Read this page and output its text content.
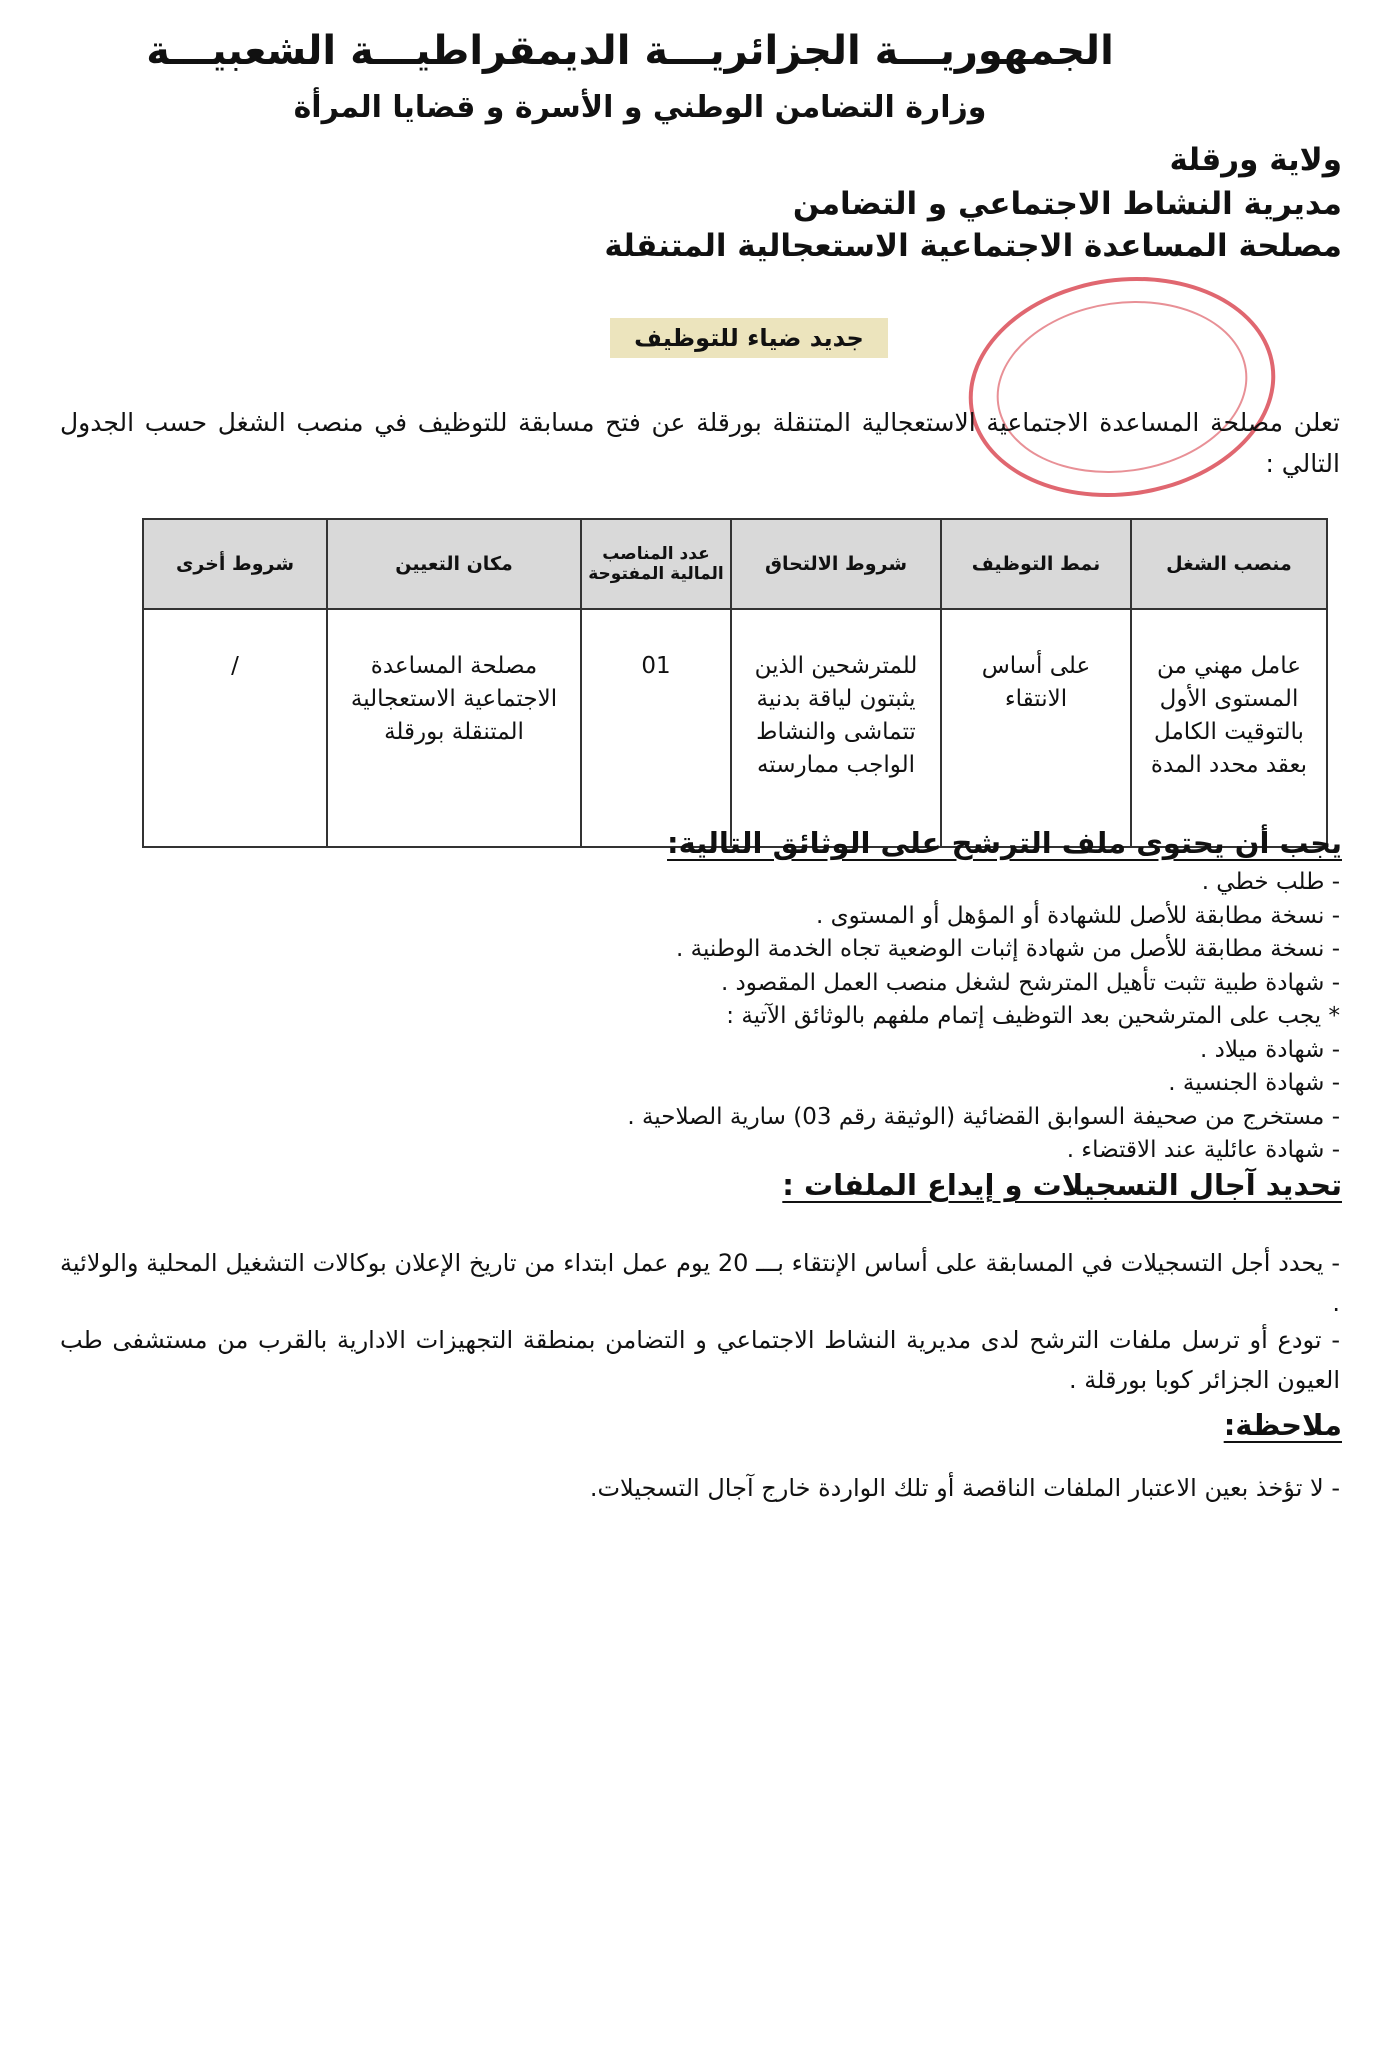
الجمهوريـــة الجزائريـــة الديمقراطيـــة الشعبيـــة
وزارة التضامن الوطني و الأسرة و قضايا المرأة
ولاية ورقلة
مديرية النشاط الاجتماعي و التضامن
مصلحة المساعدة الاجتماعية الاستعجالية المتنقلة
جديد ضياء للتوظيف
تعلن مصلحة المساعدة الاجتماعية الاستعجالية المتنقلة بورقلة عن فتح مسابقة للتوظيف في منصب الشغل حسب الجدول التالي :
منصب الشغل	نمط التوظيف	شروط الالتحاق	عدد المناصب المالية المفتوحة	مكان التعيين	شروط أخرى
عامل مهني من المستوى الأول بالتوقيت الكامل بعقد محدد المدة	على أساس الانتقاء	للمترشحين الذين يثبتون لياقة بدنية تتماشى والنشاط الواجب ممارسته	01	مصلحة المساعدة الاجتماعية الاستعجالية المتنقلة بورقلة	/
يجب أن يحتوى ملف الترشح على الوثائق التالية:
- طلب خطي .
- نسخة مطابقة للأصل للشهادة أو المؤهل أو المستوى .
- نسخة مطابقة للأصل من شهادة إثبات الوضعية تجاه الخدمة الوطنية .
- شهادة طبية تثبت تأهيل المترشح لشغل منصب العمل المقصود .
* يجب على المترشحين بعد التوظيف إتمام ملفهم بالوثائق الآتية :
- شهادة ميلاد .
- شهادة الجنسية .
- مستخرج من صحيفة السوابق القضائية (الوثيقة رقم 03) سارية الصلاحية .
- شهادة عائلية عند الاقتضاء .
تحديد آجال التسجيلات و إيداع الملفات :
- يحدد أجل التسجيلات في المسابقة على أساس الإنتقاء بـــ 20 يوم عمل ابتداء من تاريخ الإعلان بوكالات التشغيل المحلية والولائية .
- تودع أو ترسل ملفات الترشح لدى مديرية النشاط الاجتماعي و التضامن بمنطقة التجهيزات الادارية بالقرب من مستشفى طب العيون الجزائر كوبا بورقلة .
ملاحظة:
- لا تؤخذ بعين الاعتبار الملفات الناقصة أو تلك الواردة خارج آجال التسجيلات.
